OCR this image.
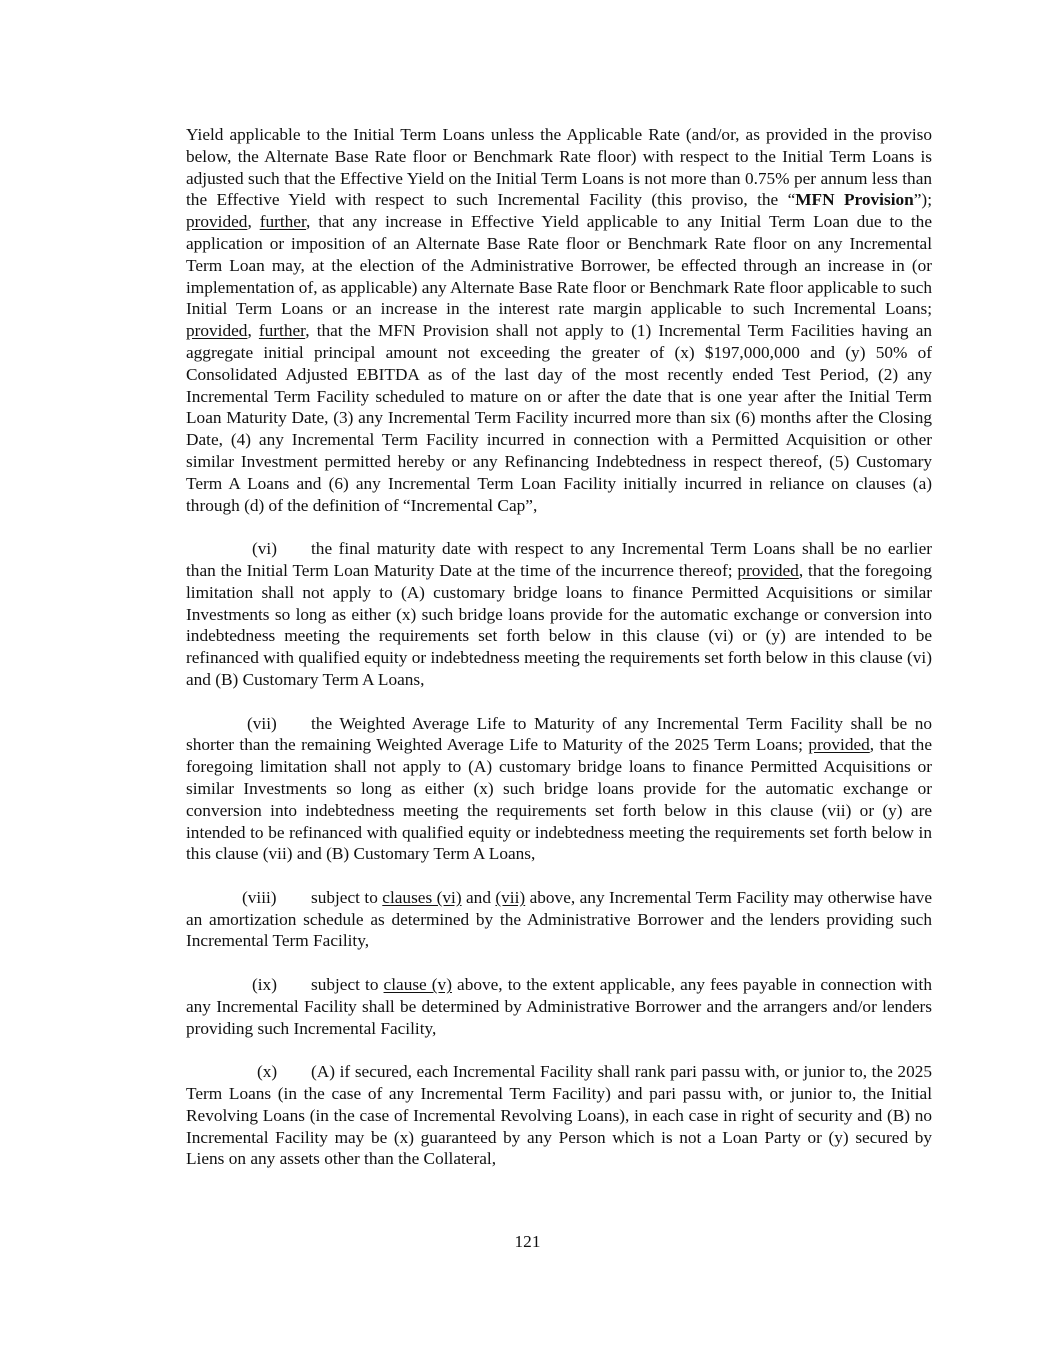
Yield applicable to the Initial Term Loans unless the Applicable Rate (and/or, as provided in the proviso below, the Alternate Base Rate floor or Benchmark Rate floor) with respect to the Initial Term Loans is adjusted such that the Effective Yield on the Initial Term Loans is not more than 0.75% per annum less than the Effective Yield with respect to such Incremental Facility (this proviso, the “MFN Provision”); provided, further, that any increase in Effective Yield applicable to any Initial Term Loan due to the application or imposition of an Alternate Base Rate floor or Benchmark Rate floor on any Incremental Term Loan may, at the election of the Administrative Borrower, be effected through an increase in (or implementation of, as applicable) any Alternate Base Rate floor or Benchmark Rate floor applicable to such Initial Term Loans or an increase in the interest rate margin applicable to such Incremental Loans; provided, further, that the MFN Provision shall not apply to (1) Incremental Term Facilities having an aggregate initial principal amount not exceeding the greater of (x) $197,000,000 and (y) 50% of Consolidated Adjusted EBITDA as of the last day of the most recently ended Test Period, (2) any Incremental Term Facility scheduled to mature on or after the date that is one year after the Initial Term Loan Maturity Date, (3) any Incremental Term Facility incurred more than six (6) months after the Closing Date, (4) any Incremental Term Facility incurred in connection with a Permitted Acquisition or other similar Investment permitted hereby or any Refinancing Indebtedness in respect thereof, (5) Customary Term A Loans and (6) any Incremental Term Loan Facility initially incurred in reliance on clauses (a) through (d) of the definition of “Incremental Cap”,

(vi) the final maturity date with respect to any Incremental Term Loans shall be no earlier than the Initial Term Loan Maturity Date at the time of the incurrence thereof; provided, that the foregoing limitation shall not apply to (A) customary bridge loans to finance Permitted Acquisitions or similar Investments so long as either (x) such bridge loans provide for the automatic exchange or conversion into indebtedness meeting the requirements set forth below in this clause (vi) or (y) are intended to be refinanced with qualified equity or indebtedness meeting the requirements set forth below in this clause (vi) and (B) Customary Term A Loans,

(vii) the Weighted Average Life to Maturity of any Incremental Term Facility shall be no shorter than the remaining Weighted Average Life to Maturity of the 2025 Term Loans; provided, that the foregoing limitation shall not apply to (A) customary bridge loans to finance Permitted Acquisitions or similar Investments so long as either (x) such bridge loans provide for the automatic exchange or conversion into indebtedness meeting the requirements set forth below in this clause (vii) or (y) are intended to be refinanced with qualified equity or indebtedness meeting the requirements set forth below in this clause (vii) and (B) Customary Term A Loans,

(viii) subject to clauses (vi) and (vii) above, any Incremental Term Facility may otherwise have an amortization schedule as determined by the Administrative Borrower and the lenders providing such Incremental Term Facility,

(ix) subject to clause (v) above, to the extent applicable, any fees payable in connection with any Incremental Facility shall be determined by Administrative Borrower and the arrangers and/or lenders providing such Incremental Facility,

(x) (A) if secured, each Incremental Facility shall rank pari passu with, or junior to, the 2025 Term Loans (in the case of any Incremental Term Facility) and pari passu with, or junior to, the Initial Revolving Loans (in the case of Incremental Revolving Loans), in each case in right of security and (B) no Incremental Facility may be (x) guaranteed by any Person which is not a Loan Party or (y) secured by Liens on any assets other than the Collateral,

121
